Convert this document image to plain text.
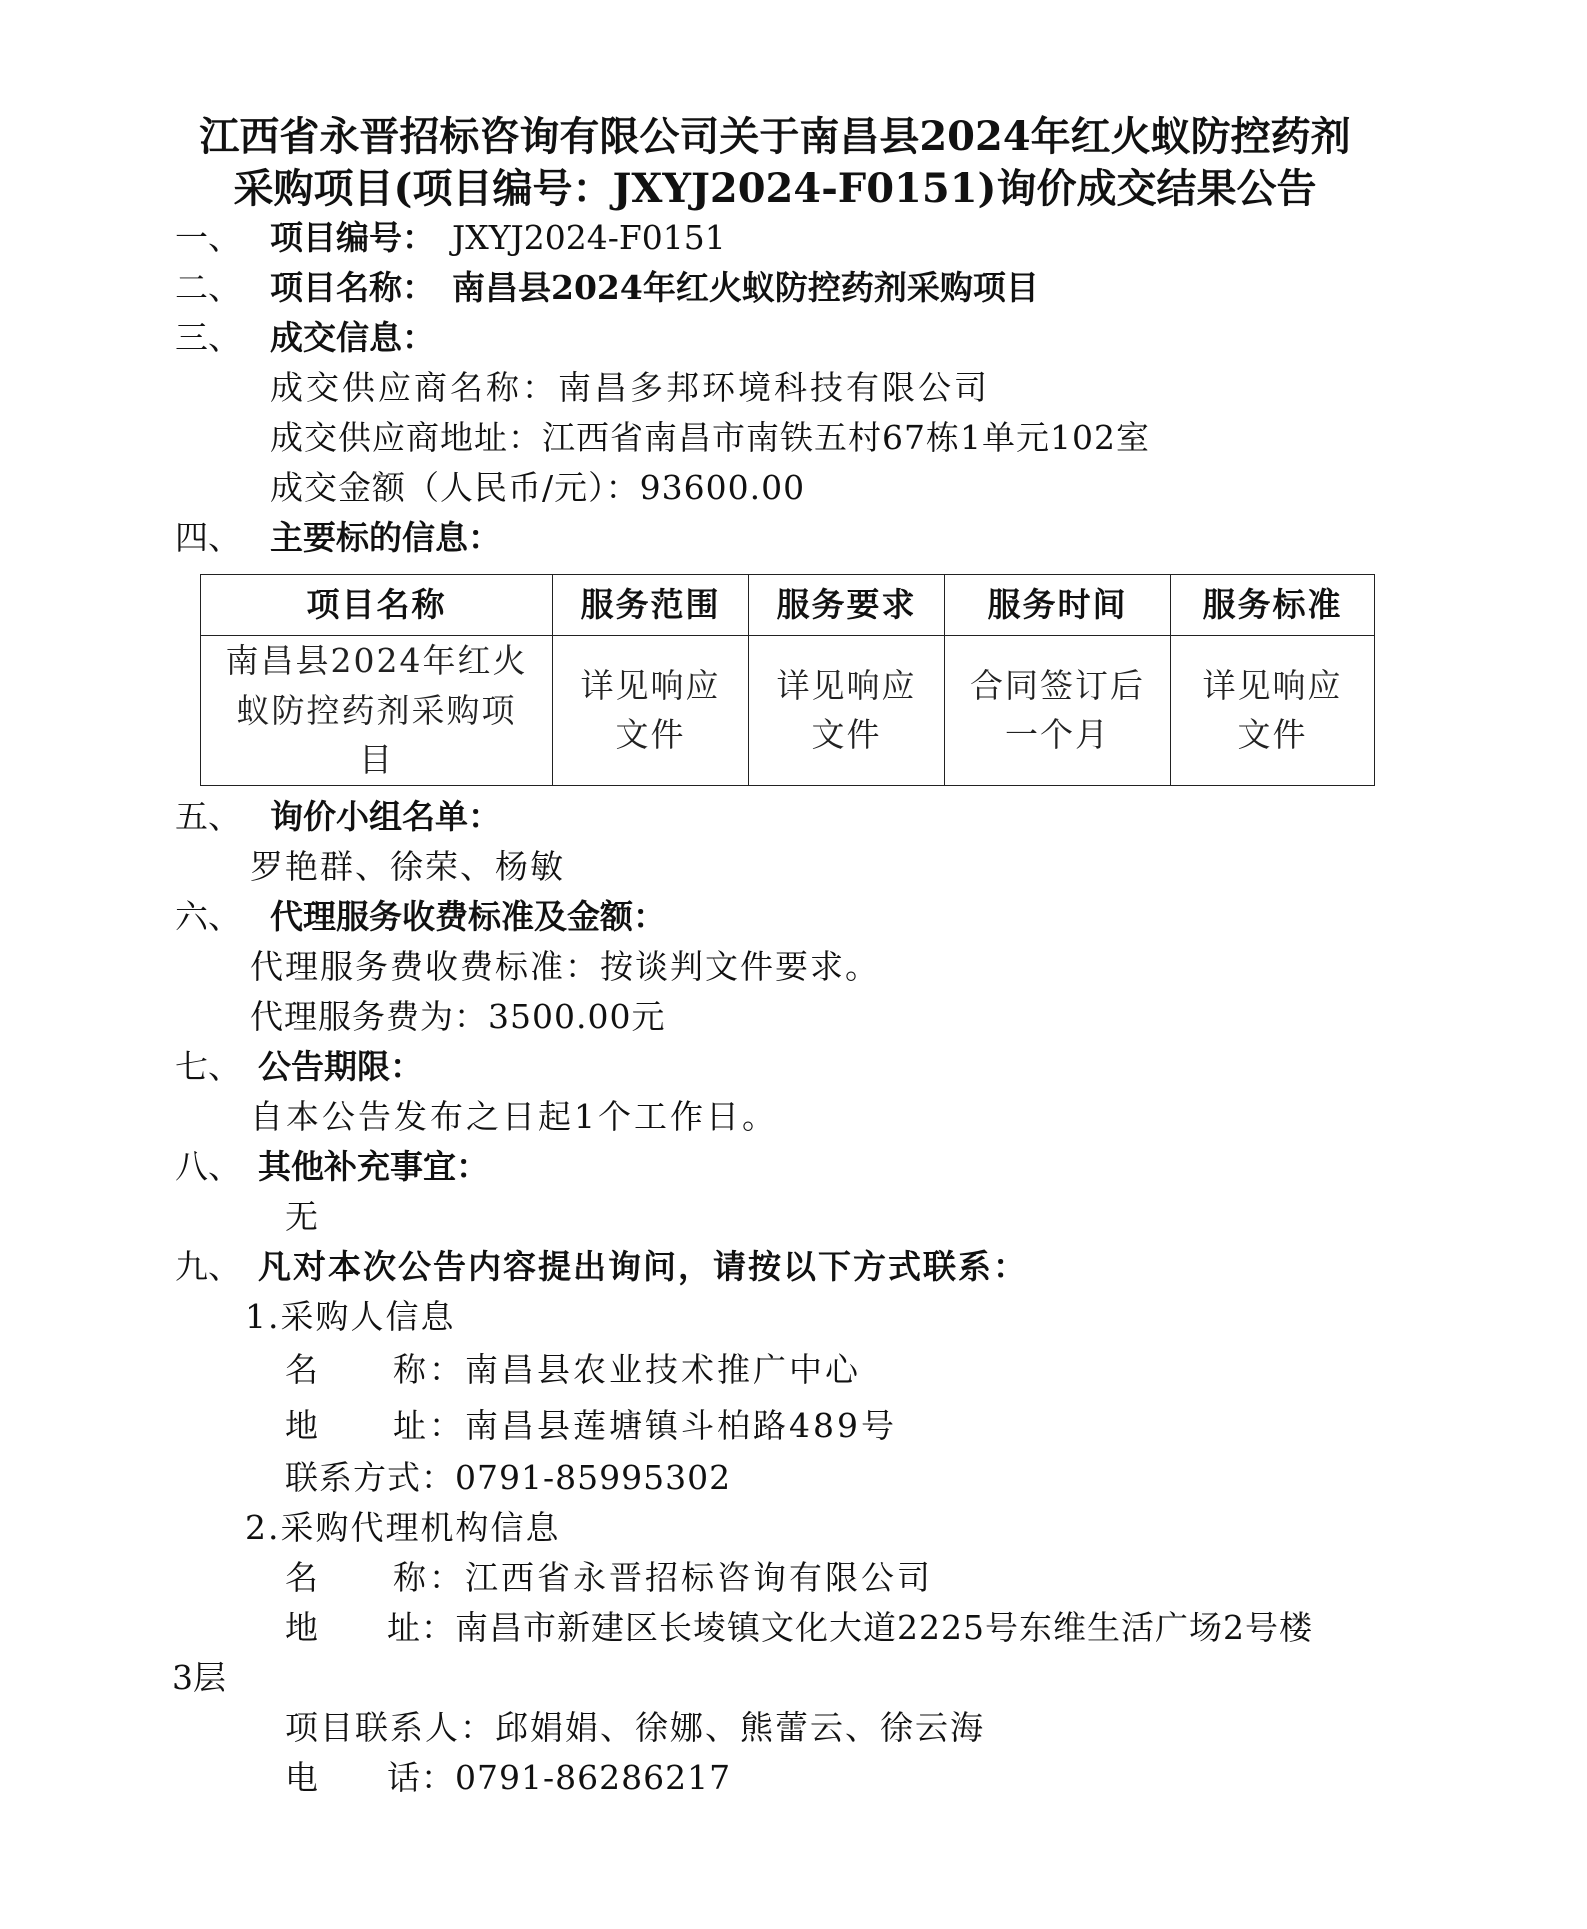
江西省永晋招标咨询有限公司关于南昌县2024年红火蚁防控药剂
采购项目(项目编号：JXYJ2024-F0151)询价成交结果公告
一、 项目编号： JXYJ2024-F0151
二、 项目名称： 南昌县2024年红火蚁防控药剂采购项目
三、 成交信息：
成交供应商名称：南昌多邦环境科技有限公司
成交供应商地址：江西省南昌市南铁五村67栋1单元102室
成交金额（人民币/元）：93600.00
四、 主要标的信息：
项目名称	服务范围	服务要求	服务时间	服务标准
南昌县2024年红火蚁防控药剂采购项目	详见响应文件	详见响应文件	合同签订后一个月	详见响应文件
五、 询价小组名单：
罗艳群、徐荣、杨敏
六、 代理服务收费标准及金额：
代理服务费收费标准：按谈判文件要求。
代理服务费为：3500.00元
七、 公告期限：
自本公告发布之日起1个工作日。
八、 其他补充事宜：
无
九、 凡对本次公告内容提出询问，请按以下方式联系：
1.采购人信息
名　　称：南昌县农业技术推广中心
地　　址：南昌县莲塘镇斗柏路489号
联系方式：0791-85995302
2.采购代理机构信息
名　　称：江西省永晋招标咨询有限公司
地　　址：南昌市新建区长堎镇文化大道2225号东维生活广场2号楼
3层
项目联系人：邱娟娟、徐娜、熊蕾云、徐云海
电　　话：0791-86286217
